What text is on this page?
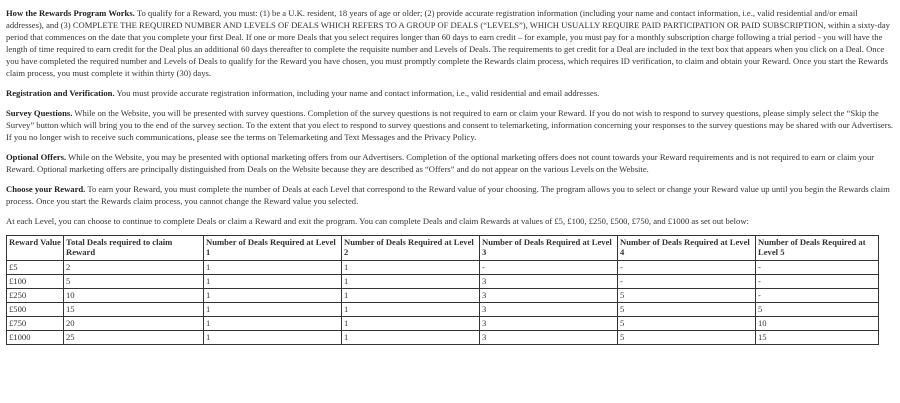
How the Rewards Program Works. To qualify for a Reward, you must: (1) be a U.K. resident, 18 years of age or older; (2) provide accurate registration information (including your name and contact information, i.e., valid residential and/or email addresses), and (3) COMPLETE THE REQUIRED NUMBER AND LEVELS OF DEALS WHICH REFERS TO A GROUP OF DEALS (“LEVELS”), WHICH USUALLY REQUIRE PAID PARTICIPATION OR PAID SUBSCRIPTION, within a sixty-day period that commences on the date that you complete your first Deal. If one or more Deals that you select requires longer than 60 days to earn credit – for example, you must pay for a monthly subscription charge following a trial period - you will have the length of time required to earn credit for the Deal plus an additional 60 days thereafter to complete the requisite number and Levels of Deals. The requirements to get credit for a Deal are included in the text box that appears when you click on a Deal. Once you have completed the required number and Levels of Deals to qualify for the Reward you have chosen, you must promptly complete the Rewards claim process, which requires ID verification, to claim and obtain your Reward. Once you start the Rewards claim process, you must complete it within thirty (30) days.

Registration and Verification. You must provide accurate registration information, including your name and contact information, i.e., valid residential and email addresses.

Survey Questions. While on the Website, you will be presented with survey questions. Completion of the survey questions is not required to earn or claim your Reward. If you do not wish to respond to survey questions, please simply select the “Skip the Survey” button which will bring you to the end of the survey section. To the extent that you elect to respond to survey questions and consent to telemarketing, information concerning your responses to the survey questions may be shared with our Advertisers. If you no longer wish to receive such communications, please see the terms on Telemarketing and Text Messages and the Privacy Policy.

Optional Offers. While on the Website, you may be presented with optional marketing offers from our Advertisers. Completion of the optional marketing offers does not count towards your Reward requirements and is not required to earn or claim your Reward. Optional marketing offers are principally distinguished from Deals on the Website because they are described as “Offers” and do not appear on the various Levels on the Website.

Choose your Reward. To earn your Reward, you must complete the number of Deals at each Level that correspond to the Reward value of your choosing. The program allows you to select or change your Reward value up until you begin the Rewards claim process. Once you start the Rewards claim process, you cannot change the Reward value you selected.

At each Level, you can choose to continue to complete Deals or claim a Reward and exit the program. You can complete Deals and claim Rewards at values of £5, £100, £250, £500, £750, and £1000 as set out below:

Reward Value	Total Deals required to claim Reward	Number of Deals Required at Level 1	Number of Deals Required at Level 2	Number of Deals Required at Level 3	Number of Deals Required at Level 4	Number of Deals Required at Level 5
£5	2	1	1	-	-	-
£100	5	1	1	3	-	-
£250	10	1	1	3	5	-
£500	15	1	1	3	5	5
£750	20	1	1	3	5	10
£1000	25	1	1	3	5	15
